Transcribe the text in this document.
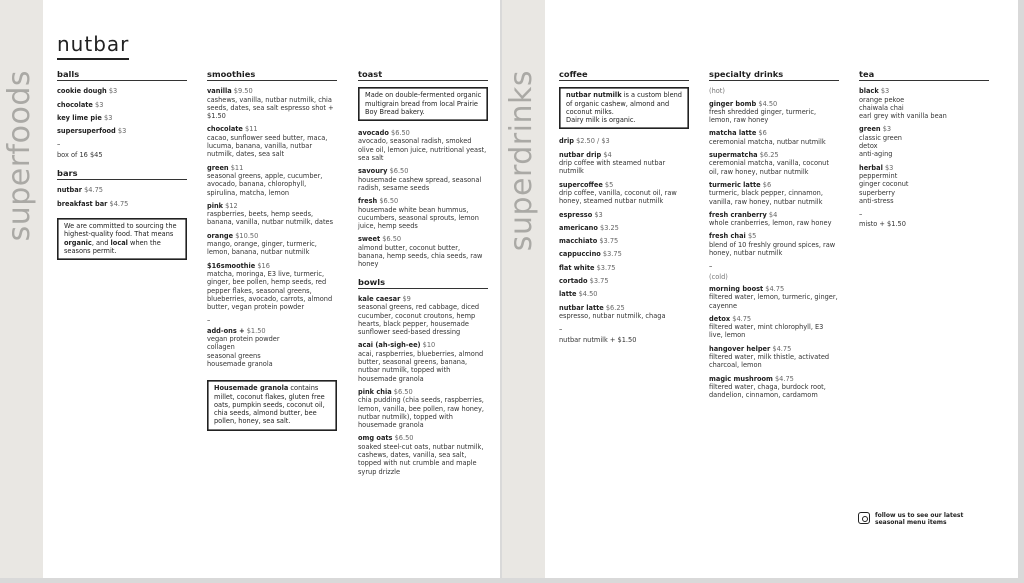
superfoods
nutbar
balls
cookie dough $3
chocolate $3
key lime pie $3
supersuperfood $3
–
box of 16 $45
bars
nutbar $4.75
breakfast bar $4.75
We are committed to sourcing the highest-quality food. That means organic, and local when the seasons permit.
smoothies
vanilla $9.50
cashews, vanilla, nutbar nutmilk, chia seeds, dates, sea salt espresso shot + $1.50
chocolate $11
cacao, sunflower seed butter, maca, lucuma, banana, vanilla, nutbar nutmilk, dates, sea salt
green $11
seasonal greens, apple, cucumber, avocado, banana, chlorophyll, spirulina, matcha, lemon
pink $12
raspberries, beets, hemp seeds, banana, vanilla, nutbar nutmilk, dates
orange $10.50
mango, orange, ginger, turmeric, lemon, banana, nutbar nutmilk
$16smoothie $16
matcha, moringa, E3 live, turmeric, ginger, bee pollen, hemp seeds, red pepper flakes, seasonal greens, blueberries, avocado, carrots, almond butter, vegan protein powder
–
add-ons + $1.50
vegan protein powder
collagen
seasonal greens
housemade granola
Housemade granola contains millet, coconut flakes, gluten free oats, pumpkin seeds, coconut oil, chia seeds, almond butter, bee pollen, honey, sea salt.
toast
Made on double-fermented organic multigrain bread from local Prairie Boy Bread bakery.
avocado $6.50
avocado, seasonal radish, smoked olive oil, lemon juice, nutritional yeast, sea salt
savoury $6.50
housemade cashew spread, seasonal radish, sesame seeds
fresh $6.50
housemade white bean hummus, cucumbers, seasonal sprouts, lemon juice, hemp seeds
sweet $6.50
almond butter, coconut butter, banana, hemp seeds, chia seeds, raw honey
bowls
kale caesar $9
seasonal greens, red cabbage, diced cucumber, coconut croutons, hemp hearts, black pepper, housemade sunflower seed-based dressing
acai (ah-sigh-ee) $10
acai, raspberries, blueberries, almond butter, seasonal greens, banana, nutbar nutmilk, topped with housemade granola
pink chia $6.50
chia pudding (chia seeds, raspberries, lemon, vanilla, bee pollen, raw honey, nutbar nutmilk), topped with housemade granola
omg oats $6.50
soaked steel-cut oats, nutbar nutmilk, cashews, dates, vanilla, sea salt, topped with nut crumble and maple syrup drizzle
superdrinks coffee
nutbar nutmilk is a custom blend of organic cashew, almond and coconut milks.
Dairy milk is organic.
drip $2.50 / $3
nutbar drip $4
drip coffee with steamed nutbar nutmilk
supercoffee $5
drip coffee, vanilla, coconut oil, raw honey, steamed nutbar nutmilk
espresso $3
americano $3.25
macchiato $3.75
cappuccino $3.75
flat white $3.75
cortado $3.75
latte $4.50
nutbar latte $6.25
espresso, nutbar nutmilk, chaga
–
nutbar nutmilk + $1.50
specialty drinks
(hot)
ginger bomb $4.50
fresh shredded ginger, turmeric, lemon, raw honey
matcha latte $6
ceremonial matcha, nutbar nutmilk
supermatcha $6.25
ceremonial matcha, vanilla, coconut oil, raw honey, nutbar nutmilk
turmeric latte $6
turmeric, black pepper, cinnamon, vanilla, raw honey, nutbar nutmilk
fresh cranberry $4
whole cranberries, lemon, raw honey
fresh chai $5
blend of 10 freshly ground spices, raw honey, nutbar nutmilk
–
(cold)
morning boost $4.75
filtered water, lemon, turmeric, ginger, cayenne
detox $4.75
filtered water, mint chlorophyll, E3 live, lemon
hangover helper $4.75
filtered water, milk thistle, activated charcoal, lemon
magic mushroom $4.75
filtered water, chaga, burdock root, dandelion, cinnamon, cardamom
tea
black $3
orange pekoe
chaiwala chai
earl grey with vanilla bean
green $3
classic green
detox
anti-aging
herbal $3
peppermint
ginger coconut
superberry
anti-stress
–
misto + $1.50
follow us to see our latest
seasonal menu items
